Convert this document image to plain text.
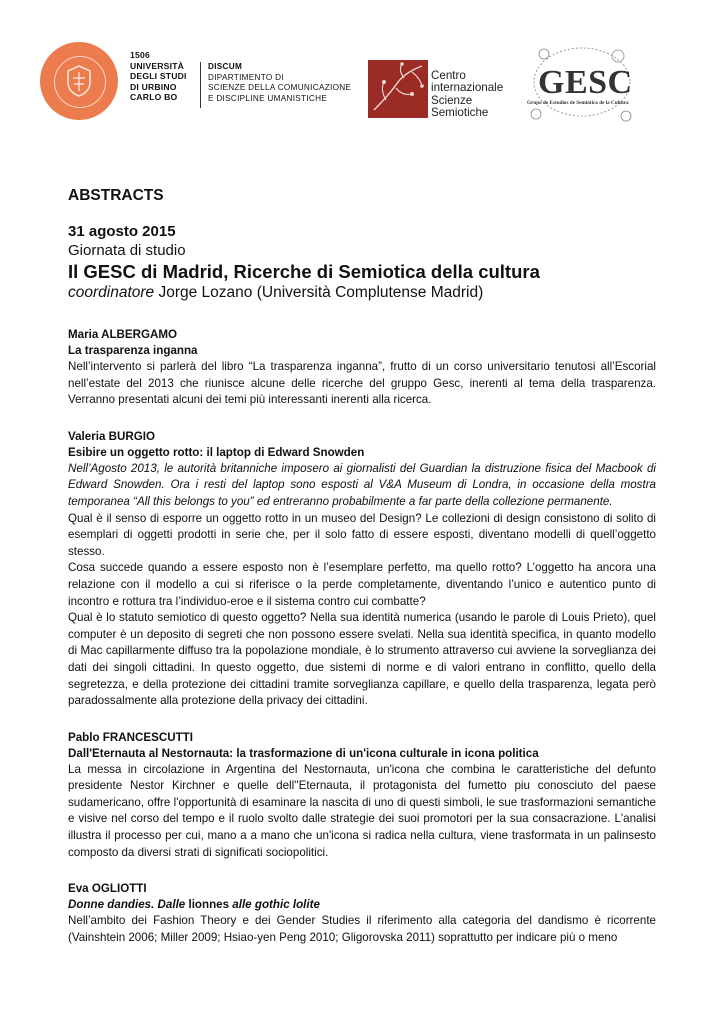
1506
UNIVERSITÀ
DEGLI STUDI
DI URBINO
CARLO BO
DISCUM
DIPARTIMENTO DI
SCIENZE DELLA COMUNICAZIONE
E DISCIPLINE UMANISTICHE
Centro
internazionale
Scienze
Semiotiche
GESC
Grupo de Estudios de Semiótica de la Cultura
ABSTRACTS
31 agosto 2015
Giornata di studio
Il GESC di Madrid, Ricerche di Semiotica della cultura
coordinatore Jorge Lozano (Università Complutense Madrid)
Maria ALBERGAMO
La trasparenza inganna

Nell’intervento si parlerà del libro “La trasparenza inganna”, frutto di un corso universitario tenutosi all’Escorial nell’estate del 2013 che riunisce alcune delle ricerche del gruppo Gesc, inerenti al tema della trasparenza. Verranno presentati alcuni dei temi più interessanti inerenti alla ricerca.

Valeria BURGIO
Esibire un oggetto rotto: il laptop di Edward Snowden

Nell’Agosto 2013, le autorità britanniche imposero ai giornalisti del Guardian la distruzione fisica del Macbook di Edward Snowden. Ora i resti del laptop sono esposti al V&A Museum di Londra, in occasione della mostra temporanea “All this belongs to you” ed entreranno probabilmente a far parte della collezione permanente.

Qual è il senso di esporre un oggetto rotto in un museo del Design? Le collezioni di design consistono di solito di esemplari di oggetti prodotti in serie che, per il solo fatto di essere esposti, diventano modelli di quell’oggetto stesso.

Cosa succede quando a essere esposto non è l’esemplare perfetto, ma quello rotto? L’oggetto ha ancora una relazione con il modello a cui si riferisce o la perde completamente, diventando l’unico e autentico punto di incontro e rottura tra l’individuo-eroe e il sistema contro cui combatte?

Qual è lo statuto semiotico di questo oggetto? Nella sua identità numerica (usando le parole di Louis Prieto), quel computer è un deposito di segreti che non possono essere svelati. Nella sua identità specifica, in quanto modello di Mac capillarmente diffuso tra la popolazione mondiale, è lo strumento attraverso cui avviene la sorveglianza dei dati dei singoli cittadini. In questo oggetto, due sistemi di norme e di valori entrano in conflitto, quello della segretezza, e della protezione dei cittadini tramite sorveglianza capillare, e quello della trasparenza, legata però paradossalmente alla protezione della privacy dei cittadini.

Pablo FRANCESCUTTI
Dall'Eternauta al Nestornauta: la trasformazione di un'icona culturale in icona politica

La messa in circolazione in Argentina del Nestornauta, un'icona che combina le caratteristiche del defunto presidente Nestor Kirchner e quelle dell''Eternauta, il protagonista del fumetto piu conosciuto del paese sudamericano, offre l'opportunità di esaminare la nascita di uno di questi simboli, le sue trasformazioni semantiche e visive nel corso del tempo e il ruolo svolto dalle strategie dei suoi promotori per la sua consacrazione. L'analisi illustra il processo per cui, mano a a mano che un'icona si radica nella cultura, viene trasformata in un palinsesto composto da diversi strati di significati sociopolitici.

Eva OGLIOTTI
Donne dandies. Dalle lionnes alle gothic lolite

Nell’ambito dei Fashion Theory e dei Gender Studies il riferimento alla categoria del dandismo è ricorrente (Vainshtein 2006; Miller 2009; Hsiao-yen Peng 2010; Gligorovska 2011) soprattutto per indicare più o meno
